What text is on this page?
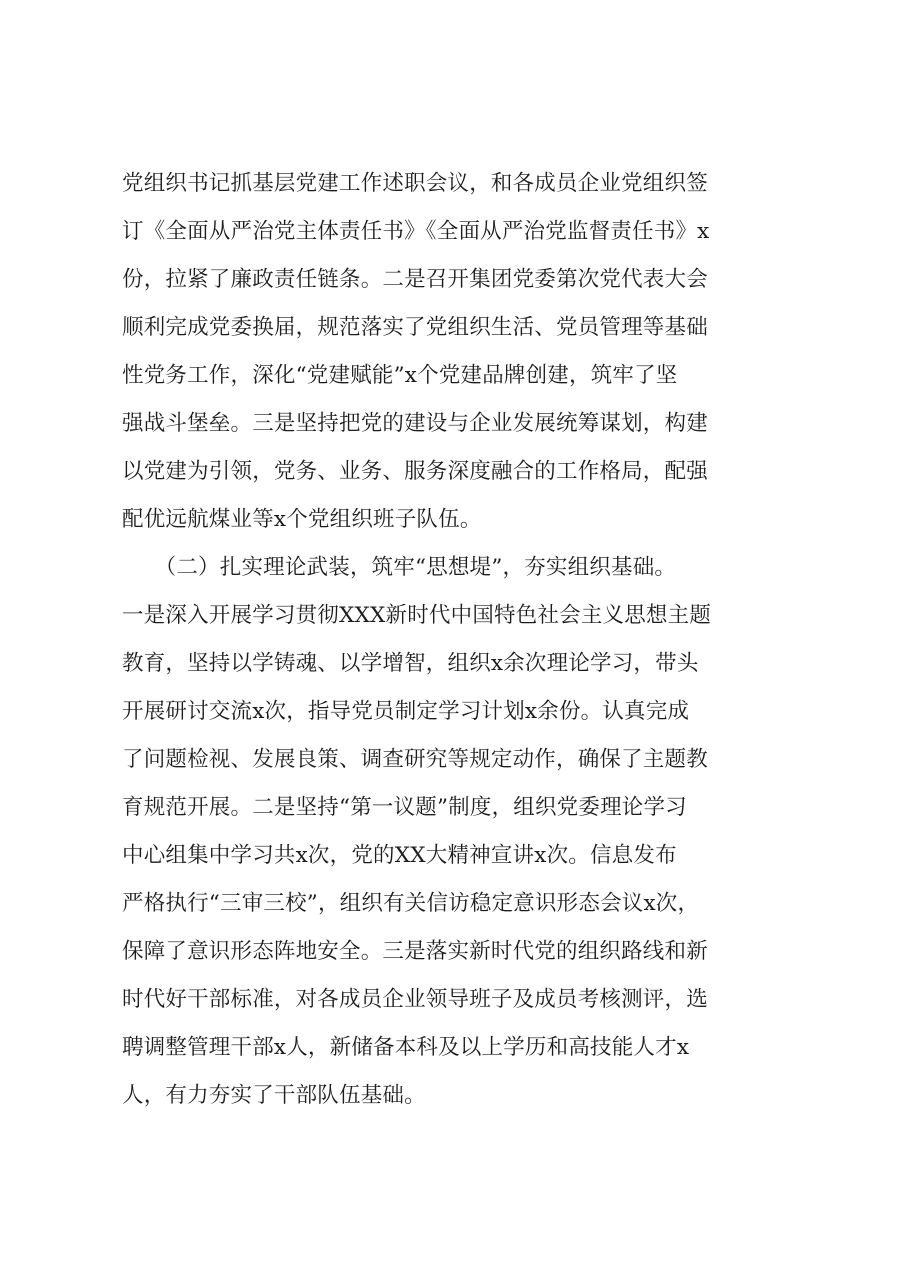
党组织书记抓基层党建工作述职会议，和各成员企业党组织签
订《全面从严治党主体责任书》《全面从严治党监督责任书》x
份，拉紧了廉政责任链条。二是召开集团党委第次党代表大会
顺利完成党委换届，规范落实了党组织生活、党员管理等基础
性党务工作，深化“党建赋能”x个党建品牌创建，筑牢了坚
强战斗堡垒。三是坚持把党的建设与企业发展统筹谋划，构建
以党建为引领，党务、业务、服务深度融合的工作格局，配强
配优远航煤业等x个党组织班子队伍。
　　（二）扎实理论武装，筑牢“思想堤”，夯实组织基础。
一是深入开展学习贯彻XXX新时代中国特色社会主义思想主题
教育，坚持以学铸魂、以学增智，组织x余次理论学习，带头
开展研讨交流x次，指导党员制定学习计划x余份。认真完成
了问题检视、发展良策、调查研究等规定动作，确保了主题教
育规范开展。二是坚持“第一议题”制度，组织党委理论学习
中心组集中学习共x次，党的XX大精神宣讲x次。信息发布
严格执行“三审三校”，组织有关信访稳定意识形态会议x次，
保障了意识形态阵地安全。三是落实新时代党的组织路线和新
时代好干部标准，对各成员企业领导班子及成员考核测评，选
聘调整管理干部x人，新储备本科及以上学历和高技能人才x
人，有力夯实了干部队伍基础。
